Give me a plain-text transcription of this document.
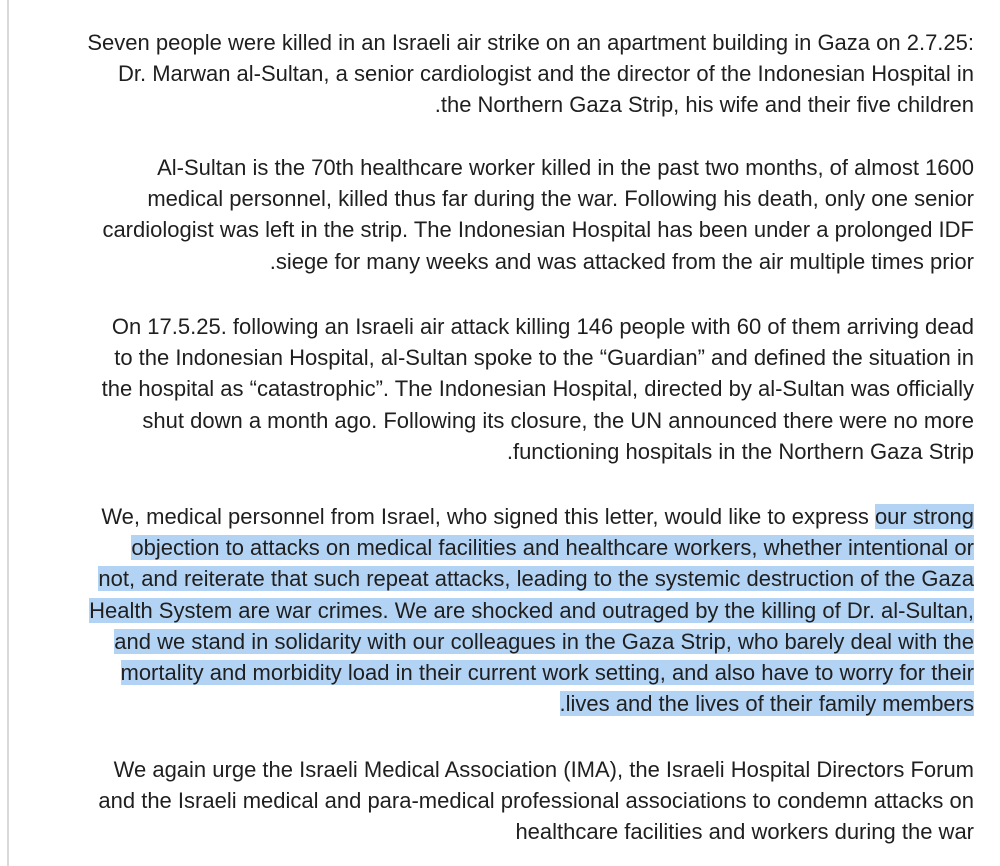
Seven people were killed in an Israeli air strike on an apartment building in Gaza on 2.7.25:
Dr. Marwan al-Sultan, a senior cardiologist and the director of the Indonesian Hospital in
.the Northern Gaza Strip, his wife and their five children
Al-Sultan is the 70th healthcare worker killed in the past two months, of almost 1600
medical personnel, killed thus far during the war. Following his death, only one senior
cardiologist was left in the strip. The Indonesian Hospital has been under a prolonged IDF
.siege for many weeks and was attacked from the air multiple times prior
On 17.5.25. following an Israeli air attack killing 146 people with 60 of them arriving dead
to the Indonesian Hospital, al-Sultan spoke to the “Guardian” and defined the situation in
the hospital as “catastrophic”. The Indonesian Hospital, directed by al-Sultan was officially
shut down a month ago. Following its closure, the UN announced there were no more
.functioning hospitals in the Northern Gaza Strip
We, medical personnel from Israel, who signed this letter, would like to express our strong
objection to attacks on medical facilities and healthcare workers, whether intentional or
not, and reiterate that such repeat attacks, leading to the systemic destruction of the Gaza
Health System are war crimes. We are shocked and outraged by the killing of Dr. al-Sultan,
and we stand in solidarity with our colleagues in the Gaza Strip, who barely deal with the
mortality and morbidity load in their current work setting, and also have to worry for their
.lives and the lives of their family members
We again urge the Israeli Medical Association (IMA), the Israeli Hospital Directors Forum
and the Israeli medical and para-medical professional associations to condemn attacks on
healthcare facilities and workers during the war
